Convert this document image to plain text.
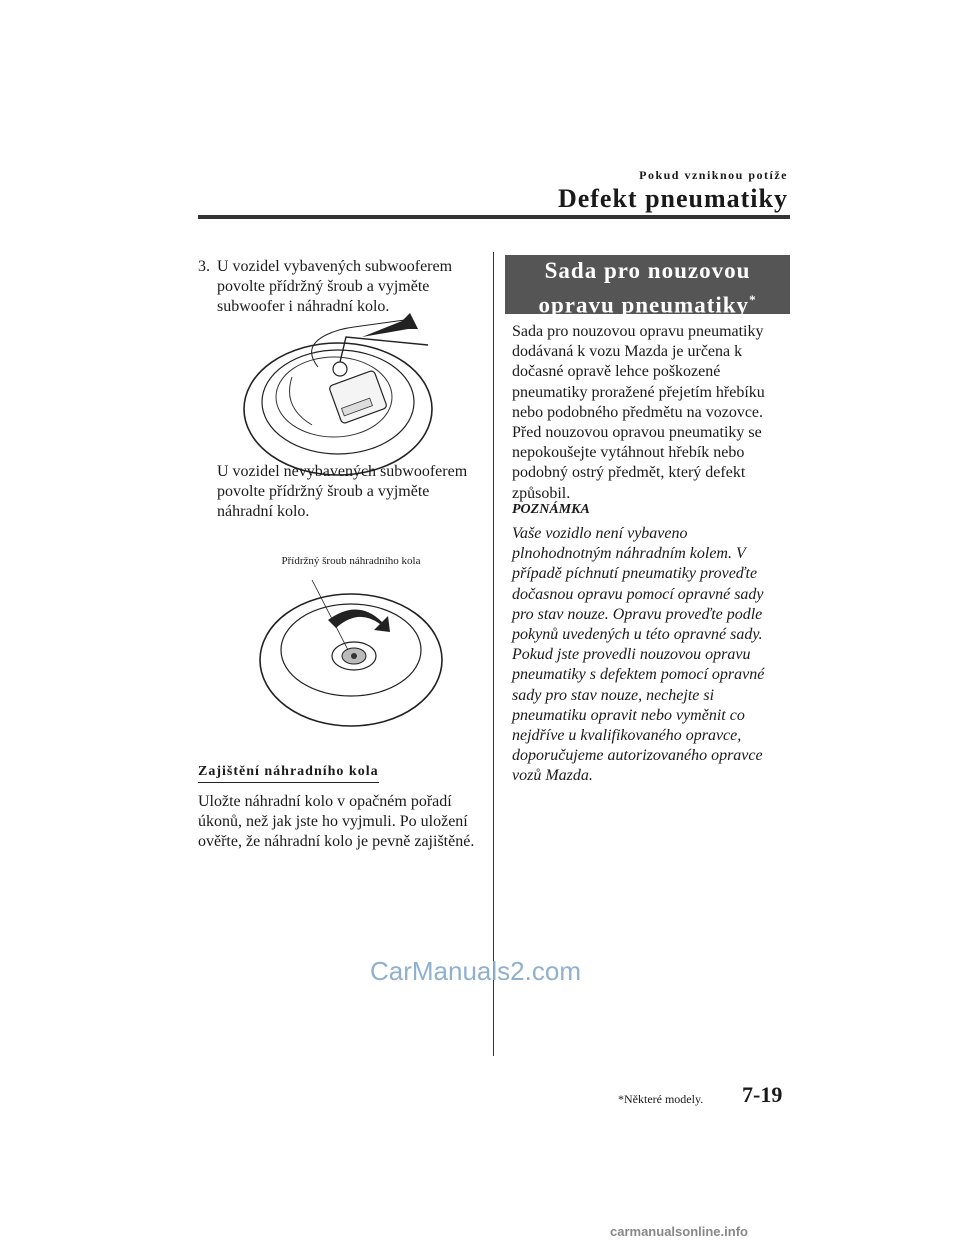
Pokud vzniknou potíže
Defekt pneumatiky
3. U vozidel vybavených subwooferem povolte přídržný šroub a vyjměte subwoofer i náhradní kolo.
U vozidel nevybavených subwooferem povolte přídržný šroub a vyjměte náhradní kolo.
Přídržný šroub náhradního kola
Zajištění náhradního kola
Uložte náhradní kolo v opačném pořadí úkonů, než jak jste ho vyjmuli. Po uložení ověřte, že náhradní kolo je pevně zajištěné.
Sada pro nouzovou
opravu pneumatiky*
Sada pro nouzovou opravu pneumatiky dodávaná k vozu Mazda je určena k dočasné opravě lehce poškozené pneumatiky proražené přejetím hřebíku nebo podobného předmětu na vozovce. Před nouzovou opravou pneumatiky se nepokoušejte vytáhnout hřebík nebo podobný ostrý předmět, který defekt způsobil.
POZNÁMKA
Vaše vozidlo není vybaveno plnohodnotným náhradním kolem. V případě píchnutí pneumatiky proveďte dočasnou opravu pomocí opravné sady pro stav nouze. Opravu proveďte podle pokynů uvedených u této opravné sady. Pokud jste provedli nouzovou opravu pneumatiky s defektem pomocí opravné sady pro stav nouze, nechejte si pneumatiku opravit nebo vyměnit co nejdříve u kvalifikovaného opravce, doporučujeme autorizovaného opravce vozů Mazda.
CarManuals2.com
*Některé modely. 7-19
carmanualsonline.info
